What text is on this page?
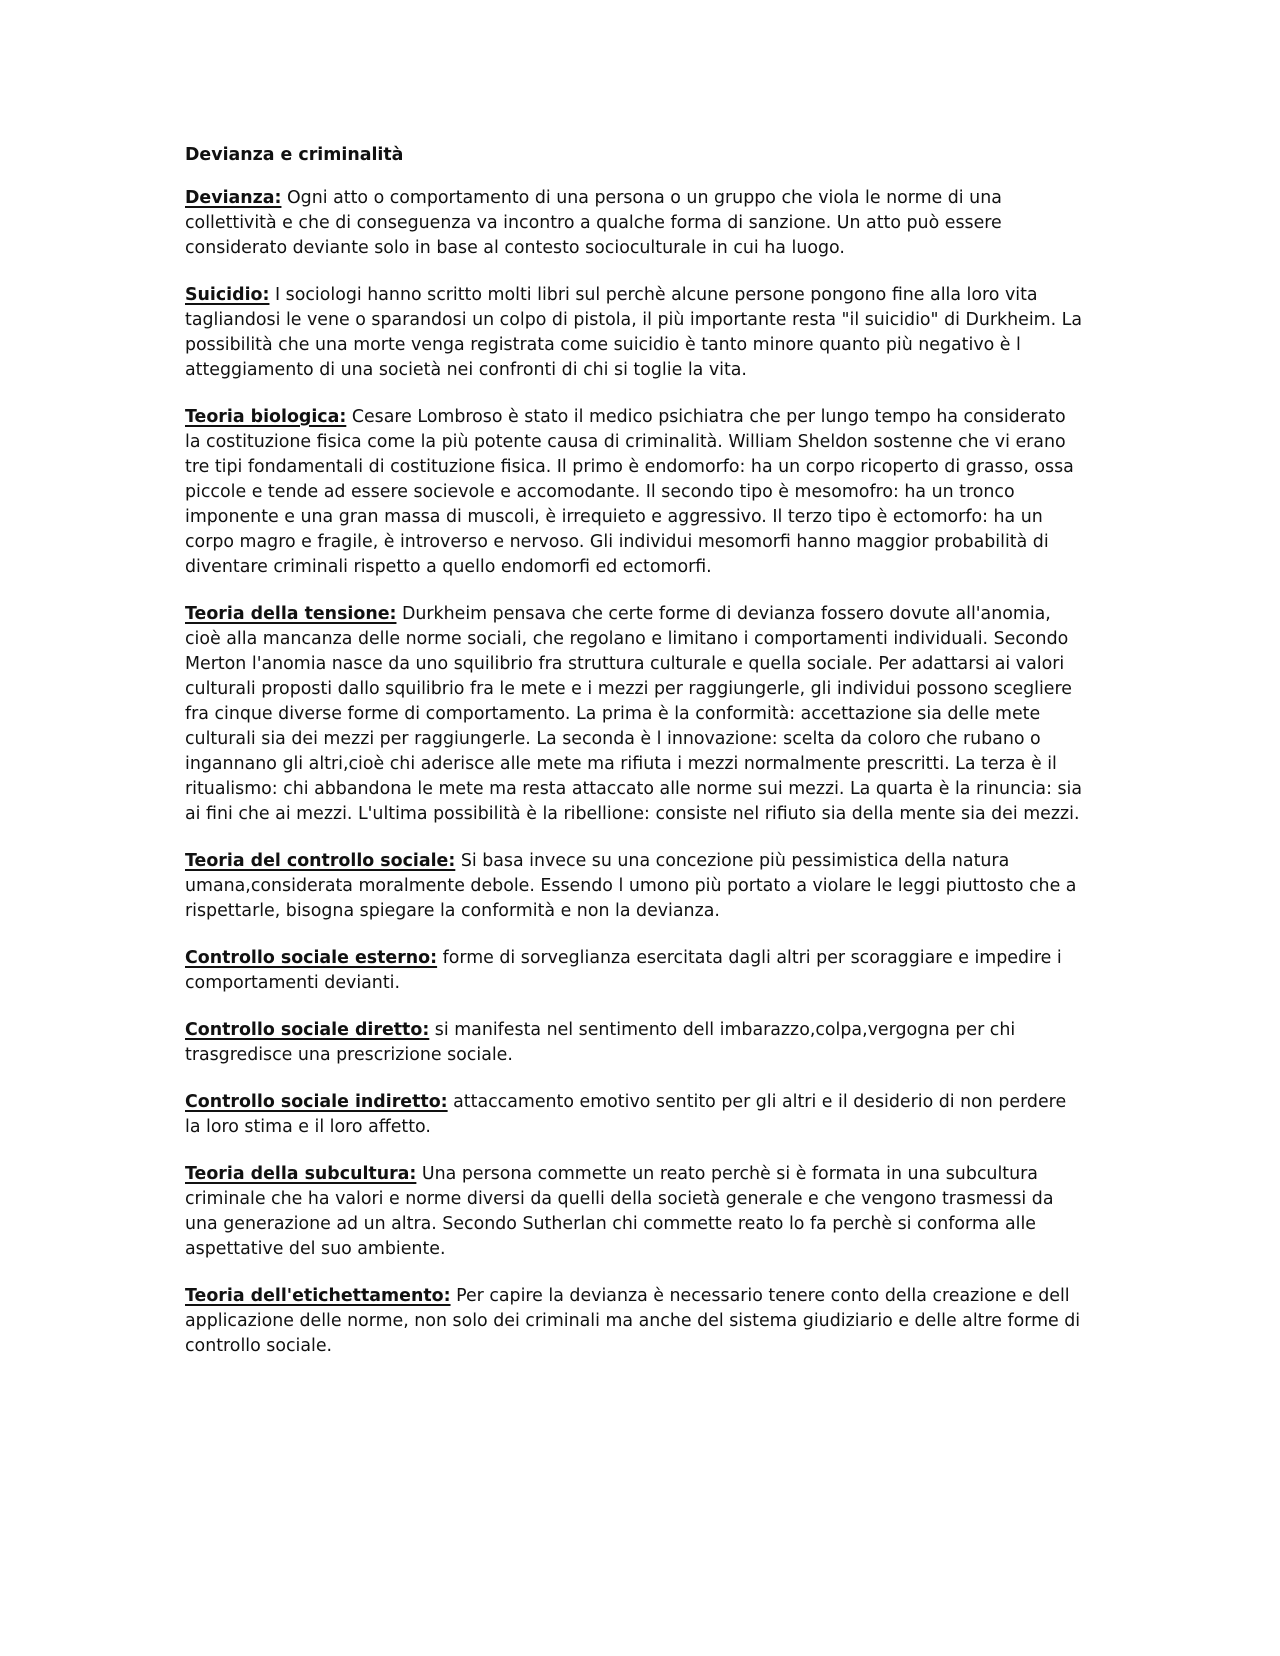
Devianza e criminalità

Devianza: Ogni atto o comportamento di una persona o un gruppo che viola le norme di una collettività e che di conseguenza va incontro a qualche forma di sanzione. Un atto può essere considerato deviante solo in base al contesto socioculturale in cui ha luogo.

Suicidio: I sociologi hanno scritto molti libri sul perchè alcune persone pongono fine alla loro vita tagliandosi le vene o sparandosi un colpo di pistola, il più importante resta "il suicidio" di Durkheim. La possibilità che una morte venga registrata come suicidio è tanto minore quanto più negativo è l atteggiamento di una società nei confronti di chi si toglie la vita.

Teoria biologica: Cesare Lombroso è stato il medico psichiatra che per lungo tempo ha considerato la costituzione fisica come la più potente causa di criminalità. William Sheldon sostenne che vi erano tre tipi fondamentali di costituzione fisica. Il primo è endomorfo: ha un corpo ricoperto di grasso, ossa piccole e tende ad essere socievole e accomodante. Il secondo tipo è mesomofro: ha un tronco imponente e una gran massa di muscoli, è irrequieto e aggressivo. Il terzo tipo è ectomorfo: ha un corpo magro e fragile, è introverso e nervoso. Gli individui mesomorfi hanno maggior probabilità di diventare criminali rispetto a quello endomorfi ed ectomorfi.

Teoria della tensione: Durkheim pensava che certe forme di devianza fossero dovute all'anomia, cioè alla mancanza delle norme sociali, che regolano e limitano i comportamenti individuali. Secondo Merton l'anomia nasce da uno squilibrio fra struttura culturale e quella sociale. Per adattarsi ai valori culturali proposti dallo squilibrio fra le mete e i mezzi per raggiungerle, gli individui possono scegliere fra cinque diverse forme di comportamento. La prima è la conformità: accettazione sia delle mete culturali sia dei mezzi per raggiungerle. La seconda è l innovazione: scelta da coloro che rubano o ingannano gli altri,cioè chi aderisce alle mete ma rifiuta i mezzi normalmente prescritti. La terza è il ritualismo: chi abbandona le mete ma resta attaccato alle norme sui mezzi. La quarta è la rinuncia: sia ai fini che ai mezzi. L'ultima possibilità è la ribellione: consiste nel rifiuto sia della mente sia dei mezzi.

Teoria del controllo sociale: Si basa invece su una concezione più pessimistica della natura umana,considerata moralmente debole. Essendo l umono più portato a violare le leggi piuttosto che a rispettarle, bisogna spiegare la conformità e non la devianza.

Controllo sociale esterno: forme di sorveglianza esercitata dagli altri per scoraggiare e impedire i comportamenti devianti.

Controllo sociale diretto: si manifesta nel sentimento dell imbarazzo,colpa,vergogna per chi trasgredisce una prescrizione sociale.

Controllo sociale indiretto: attaccamento emotivo sentito per gli altri e il desiderio di non perdere la loro stima e il loro affetto.

Teoria della subcultura: Una persona commette un reato perchè si è formata in una subcultura criminale che ha valori e norme diversi da quelli della società generale e che vengono trasmessi da una generazione ad un altra. Secondo Sutherlan chi commette reato lo fa perchè si conforma alle aspettative del suo ambiente.

Teoria dell'etichettamento: Per capire la devianza è necessario tenere conto della creazione e dell applicazione delle norme, non solo dei criminali ma anche del sistema giudiziario e delle altre forme di controllo sociale.
